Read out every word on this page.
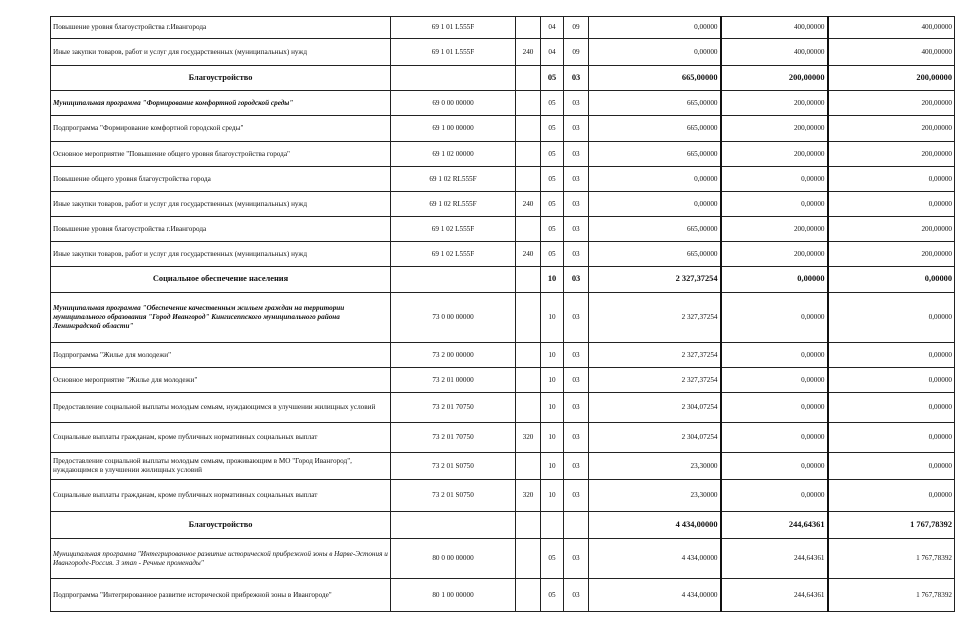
Повышение уровня благоустройства г.Ивангорода	69 1 01 L555F		04	09	0,00000	400,00000	400,00000
Иные закупки товаров, работ и услуг для государственных (муниципальных) нужд	69 1 01 L555F	240	04	09	0,00000	400,00000	400,00000
Благоустройство			05	03	665,00000	200,00000	200,00000
Муниципальная программа "Формирование комфортной городской среды"	69 0 00 00000		05	03	665,00000	200,00000	200,00000
Подпрограмма "Формирование комфортной городской среды"	69 1 00 00000		05	03	665,00000	200,00000	200,00000
Основное мероприятие "Повышение общего уровня благоустройства города"	69 1 02 00000		05	03	665,00000	200,00000	200,00000
Повышение общего уровня благоустройства города	69 1 02 RL555F		05	03	0,00000	0,00000	0,00000
Иные закупки товаров, работ и услуг для государственных (муниципальных) нужд	69 1 02 RL555F	240	05	03	0,00000	0,00000	0,00000
Повышение уровня благоустройства г.Ивангорода	69 1 02 L555F		05	03	665,00000	200,00000	200,00000
Иные закупки товаров, работ и услуг для государственных (муниципальных) нужд	69 1 02 L555F	240	05	03	665,00000	200,00000	200,00000
Социальное обеспечение населения			10	03	2 327,37254	0,00000	0,00000
Муниципальная программа "Обеспечение качественным жильем граждан на территории муниципального образования "Город Ивангород" Кингисеппского муниципального района Ленинградской области"	73 0 00 00000		10	03	2 327,37254	0,00000	0,00000
Подпрограмма "Жилье для молодежи"	73 2 00 00000		10	03	2 327,37254	0,00000	0,00000
Основное мероприятие "Жилье для молодежи"	73 2 01 00000		10	03	2 327,37254	0,00000	0,00000
Предоставление социальной выплаты молодым семьям, нуждающимся в улучшении жилищных условий	73 2 01 70750		10	03	2 304,07254	0,00000	0,00000
Социальные выплаты гражданам, кроме публичных нормативных социальных выплат	73 2 01 70750	320	10	03	2 304,07254	0,00000	0,00000
Предоставление социальной выплаты молодым семьям, проживающим в МО "Город Ивангород", нуждающимся в улучшении жилищных условий	73 2 01 S0750		10	03	23,30000	0,00000	0,00000
Социальные выплаты гражданам, кроме публичных нормативных социальных выплат	73 2 01 S0750	320	10	03	23,30000	0,00000	0,00000
Благоустройство					4 434,00000	244,64361	1 767,78392
Муниципальная программа "Интегрированное развитие исторической прибрежной зоны в Нарве-Эстония и Ивангороде-Россия. 3 этап - Речные променады"	80 0 00 00000		05	03	4 434,00000	244,64361	1 767,78392
Подпрограмма "Интегрированное развитие исторической прибрежной зоны в Ивангороде"	80 1 00 00000		05	03	4 434,00000	244,64361	1 767,78392
